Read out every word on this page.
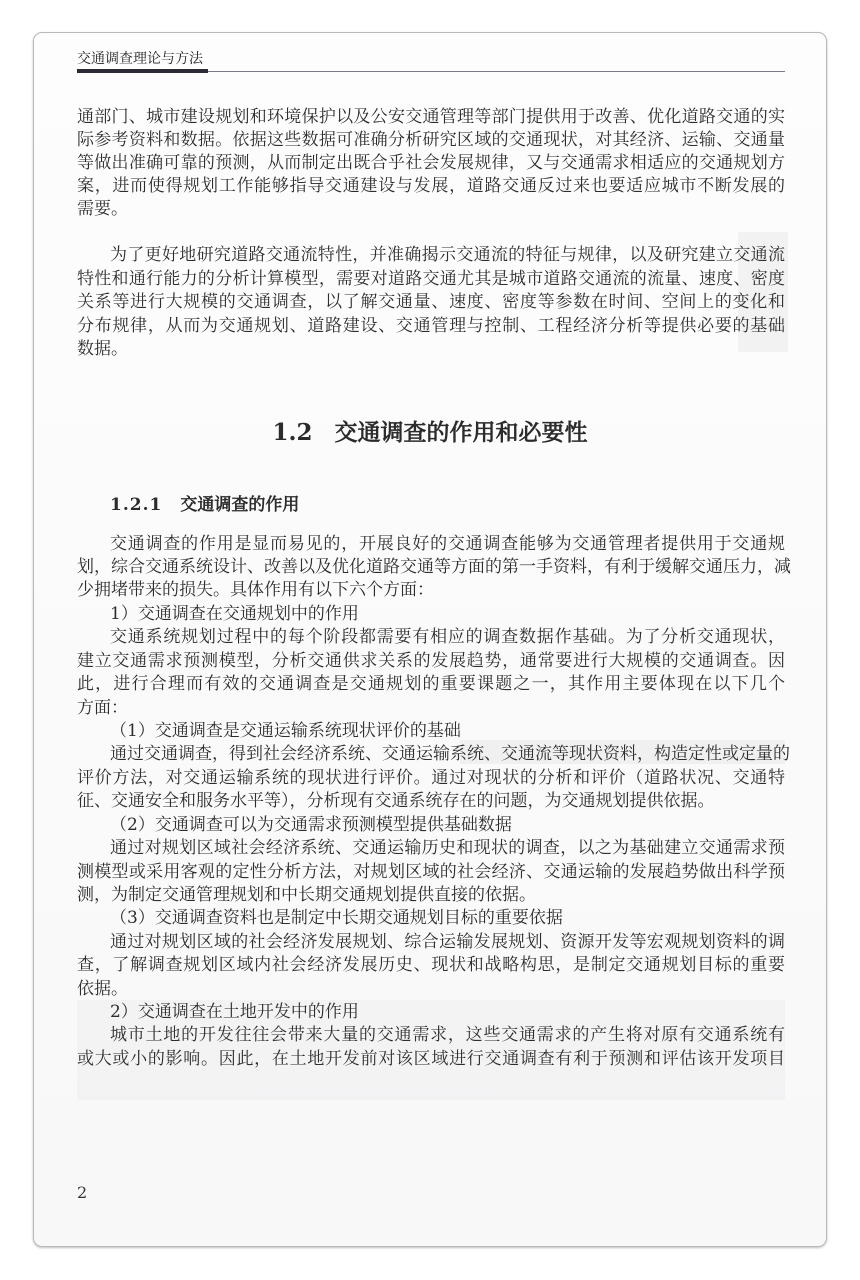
交通调查理论与方法
通部门、城市建设规划和环境保护以及公安交通管理等部门提供用于改善、优化道路交通的实
际参考资料和数据。依据这些数据可准确分析研究区域的交通现状，对其经济、运输、交通量
等做出准确可靠的预测，从而制定出既合乎社会发展规律，又与交通需求相适应的交通规划方
案，进而使得规划工作能够指导交通建设与发展，道路交通反过来也要适应城市不断发展的
需要。
为了更好地研究道路交通流特性，并准确揭示交通流的特征与规律，以及研究建立交通流
特性和通行能力的分析计算模型，需要对道路交通尤其是城市道路交通流的流量、速度、密度
关系等进行大规模的交通调查，以了解交通量、速度、密度等参数在时间、空间上的变化和
分布规律，从而为交通规划、道路建设、交通管理与控制、工程经济分析等提供必要的基础
数据。
1.2 交通调查的作用和必要性
1.2.1 交通调查的作用
交通调查的作用是显而易见的，开展良好的交通调查能够为交通管理者提供用于交通规
划，综合交通系统设计、改善以及优化道路交通等方面的第一手资料，有利于缓解交通压力，减
少拥堵带来的损失。具体作用有以下六个方面：
1）交通调查在交通规划中的作用
交通系统规划过程中的每个阶段都需要有相应的调查数据作基础。为了分析交通现状，
建立交通需求预测模型，分析交通供求关系的发展趋势，通常要进行大规模的交通调查。因
此，进行合理而有效的交通调查是交通规划的重要课题之一，其作用主要体现在以下几个
方面：
（1）交通调查是交通运输系统现状评价的基础
通过交通调查，得到社会经济系统、交通运输系统、交通流等现状资料，构造定性或定量的
评价方法，对交通运输系统的现状进行评价。通过对现状的分析和评价（道路状况、交通特
征、交通安全和服务水平等），分析现有交通系统存在的问题，为交通规划提供依据。
（2）交通调查可以为交通需求预测模型提供基础数据
通过对规划区域社会经济系统、交通运输历史和现状的调查，以之为基础建立交通需求预
测模型或采用客观的定性分析方法，对规划区域的社会经济、交通运输的发展趋势做出科学预
测，为制定交通管理规划和中长期交通规划提供直接的依据。
（3）交通调查资料也是制定中长期交通规划目标的重要依据
通过对规划区域的社会经济发展规划、综合运输发展规划、资源开发等宏观规划资料的调
查，了解调查规划区域内社会经济发展历史、现状和战略构思，是制定交通规划目标的重要
依据。
2）交通调查在土地开发中的作用
城市土地的开发往往会带来大量的交通需求，这些交通需求的产生将对原有交通系统有
或大或小的影响。因此，在土地开发前对该区域进行交通调查有利于预测和评估该开发项目
2
